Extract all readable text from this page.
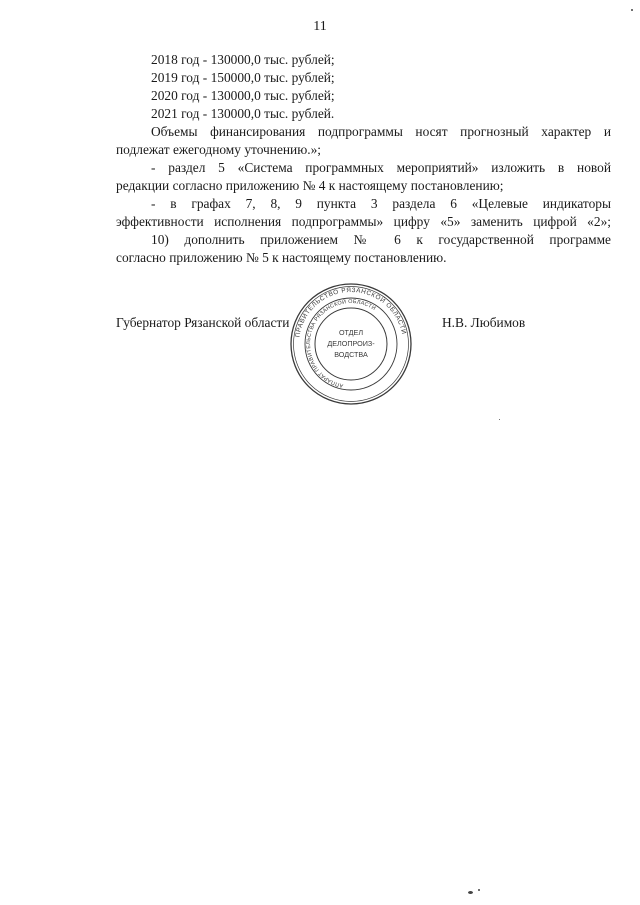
11
2018 год - 130000,0 тыс. рублей;
2019 год - 150000,0 тыс. рублей;
2020 год - 130000,0 тыс. рублей;
2021 год - 130000,0 тыс. рублей.
Объемы финансирования подпрограммы носят прогнозный характер и
подлежат ежегодному уточнению.»;
- раздел 5 «Система программных мероприятий» изложить в новой
редакции согласно приложению № 4 к настоящему постановлению;
- в графах 7, 8, 9 пункта 3 раздела 6 «Целевые индикаторы
эффективности исполнения подпрограммы» цифру «5» заменить цифрой «2»;
10) дополнить приложением № 6 к государственной программе
согласно приложению № 5 к настоящему постановлению.
Губернатор Рязанской области	Н.В. Любимов
ПРАВИТЕЛЬСТВО РЯЗАНСКОЙ ОБЛАСТИ
АППАРАТ ПРАВИТЕЛЬСТВА РЯЗАНСКОЙ ОБЛАСТИ
ОТДЕЛ
ДЕЛОПРОИЗ-
ВОДСТВА
